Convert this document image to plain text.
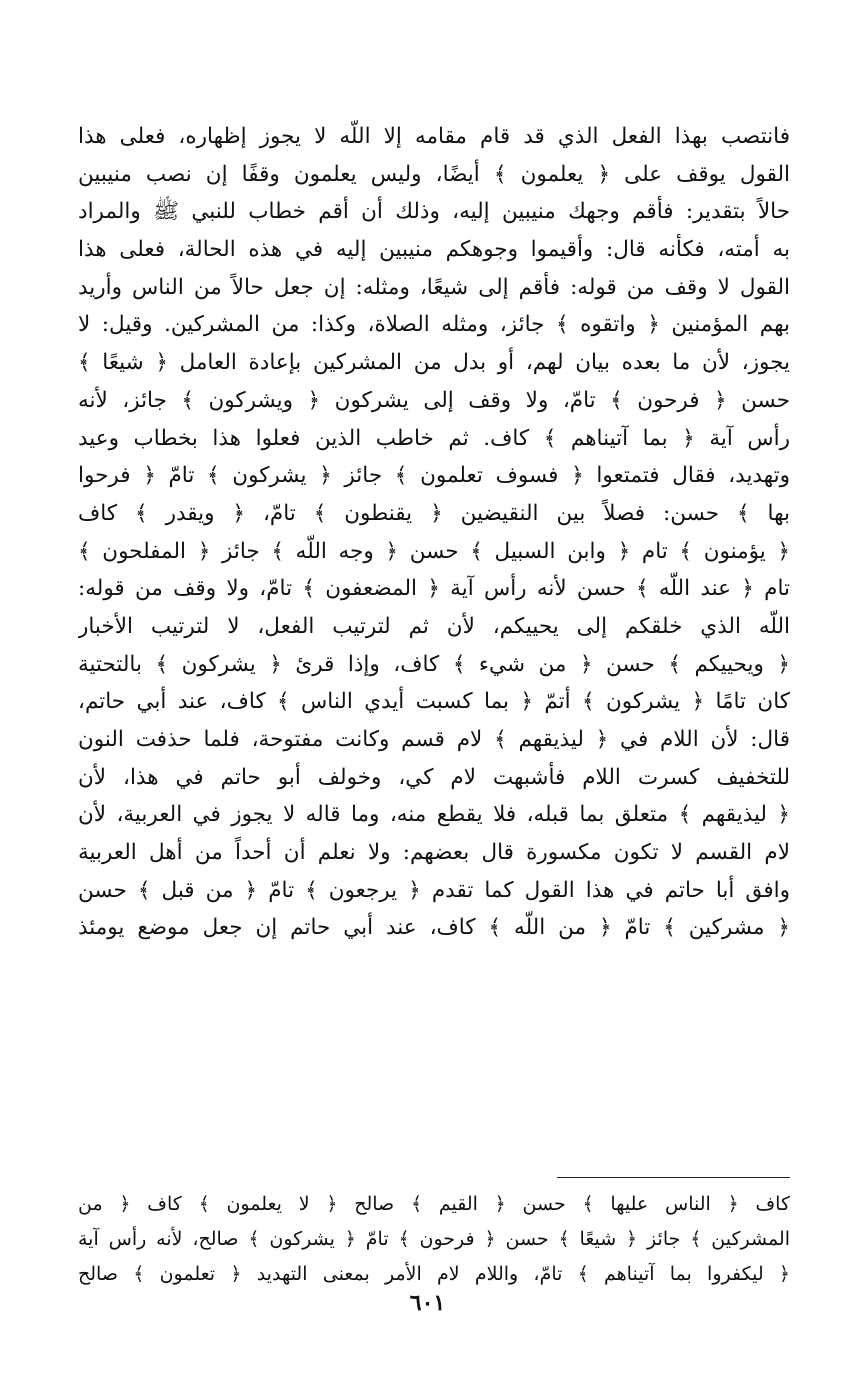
فانتصب بهذا الفعل الذي قد قام مقامه إلا اللّه لا يجوز إظهاره، فعلى هذا
القول يوقف على ﴿ يعلمون ﴾ أيضًا، وليس يعلمون وقفًا إن نصب منيبين
حالاً بتقدير: فأقم وجهك منيبين إليه، وذلك أن أقم خطاب للنبي ﷺ والمراد
به أمته، فكأنه قال: وأقيموا وجوهكم منيبين إليه في هذه الحالة، فعلى هذا
القول لا وقف من قوله: فأقم إلى شيعًا، ومثله: إن جعل حالاً من الناس وأريد
بهم المؤمنين ﴿ واتقوه ﴾ جائز، ومثله الصلاة، وكذا: من المشركين. وقيل: لا
يجوز، لأن ما بعده بيان لهم، أو بدل من المشركين بإعادة العامل ﴿ شيعًا ﴾
حسن ﴿ فرحون ﴾ تامّ، ولا وقف إلى يشركون ﴿ ويشركون ﴾ جائز، لأنه
رأس آية ﴿ بما آتيناهم ﴾ كاف. ثم خاطب الذين فعلوا هذا بخطاب وعيد
وتهديد، فقال فتمتعوا ﴿ فسوف تعلمون ﴾ جائز ﴿ يشركون ﴾ تامّ ﴿ فرحوا
بها ﴾ حسن: فصلاً بين النقيضين ﴿ يقنطون ﴾ تامّ، ﴿ ويقدر ﴾ كاف
﴿ يؤمنون ﴾ تام ﴿ وابن السبيل ﴾ حسن ﴿ وجه اللّه ﴾ جائز ﴿ المفلحون ﴾
تام ﴿ عند اللّه ﴾ حسن لأنه رأس آية ﴿ المضعفون ﴾ تامّ، ولا وقف من قوله:
اللّه الذي خلقكم إلى يحييكم، لأن ثم لترتيب الفعل، لا لترتيب الأخبار
﴿ ويحييكم ﴾ حسن ﴿ من شيء ﴾ كاف، وإذا قرئ ﴿ يشركون ﴾ بالتحتية
كان تامًا ﴿ يشركون ﴾ أتمّ ﴿ بما كسبت أيدي الناس ﴾ كاف، عند أبي حاتم،
قال: لأن اللام في ﴿ ليذيقهم ﴾ لام قسم وكانت مفتوحة، فلما حذفت النون
للتخفيف كسرت اللام فأشبهت لام كي، وخولف أبو حاتم في هذا، لأن
﴿ ليذيقهم ﴾ متعلق بما قبله، فلا يقطع منه، وما قاله لا يجوز في العربية، لأن
لام القسم لا تكون مكسورة قال بعضهم: ولا نعلم أن أحداً من أهل العربية
وافق أبا حاتم في هذا القول كما تقدم ﴿ يرجعون ﴾ تامّ ﴿ من قبل ﴾ حسن
﴿ مشركين ﴾ تامّ ﴿ من اللّه ﴾ كاف، عند أبي حاتم إن جعل موضع يومئذ
كاف ﴿ الناس عليها ﴾ حسن ﴿ القيم ﴾ صالح ﴿ لا يعلمون ﴾ كاف ﴿ من
المشركين ﴾ جائز ﴿ شيعًا ﴾ حسن ﴿ فرحون ﴾ تامّ ﴿ يشركون ﴾ صالح، لأنه رأس آية
﴿ ليكفروا بما آتيناهم ﴾ تامّ، واللام لام الأمر بمعنى التهديد ﴿ تعلمون ﴾ صالح
٦٠١
